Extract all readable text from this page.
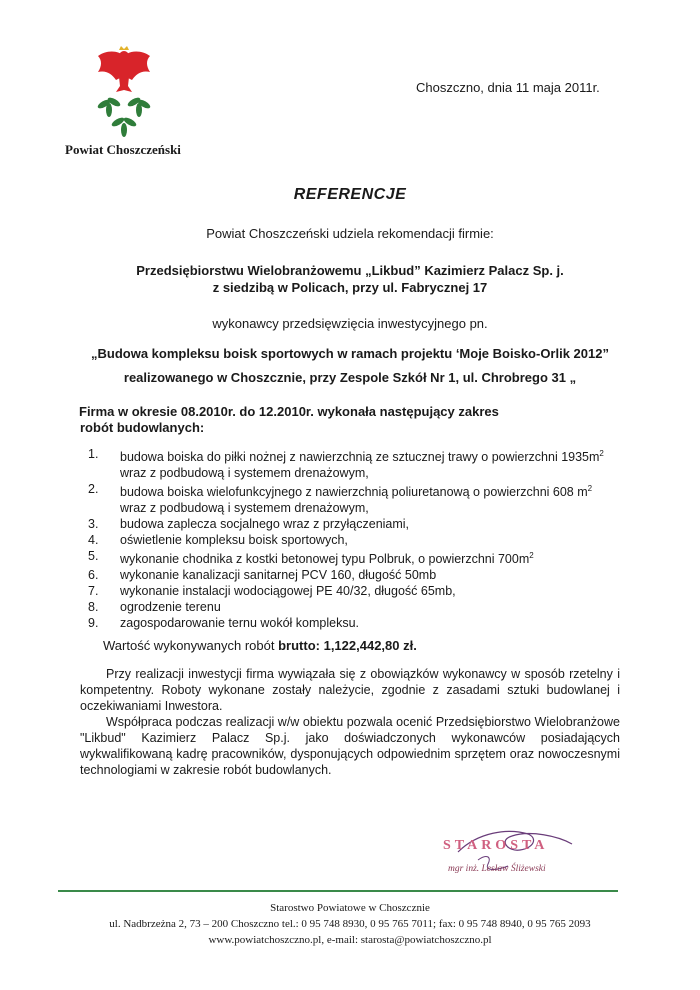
Powiat Choszczeński
Choszczno, dnia 11 maja 2011r.
REFERENCJE
Powiat Choszczeński udziela rekomendacji firmie:
Przedsiębiorstwu Wielobranżowemu „Likbud” Kazimierz Palacz Sp. j.
z siedzibą w Policach, przy ul. Fabrycznej 17
wykonawcy przedsięwzięcia inwestycyjnego pn.
„Budowa kompleksu boisk sportowych w ramach projektu ‘Moje Boisko-Orlik 2012”
realizowanego w Choszcznie, przy Zespole Szkół Nr 1, ul. Chrobrego 31 „
Firma w okresie 08.2010r. do 12.2010r. wykonała następujący zakres
robót budowlanych:
1. budowa boiska do piłki nożnej z nawierzchnią ze sztucznej trawy o powierzchni $1935m^2$
wraz z podbudową i systemem drenażowym,
2. budowa boiska wielofunkcyjnego z nawierzchnią poliuretanową o powierzchni 608 $m^2$
wraz z podbudową i systemem drenażowym,
3. budowa zaplecza socjalnego wraz z przyłączeniami,
4. oświetlenie kompleksu boisk sportowych,
5. wykonanie chodnika z kostki betonowej typu Polbruk, o powierzchni $700m^2$
6. wykonanie kanalizacji sanitarnej PCV 160, długość 50mb
7. wykonanie instalacji wodociągowej PE 40/32, długość 65mb,
8. ogrodzenie terenu
9. zagospodarowanie ternu wokół kompleksu.
Wartość wykonywanych robót brutto: 1,122,442,80 zł.

Przy realizacji inwestycji firma wywiązała się z obowiązków wykonawcy w sposób rzetelny i kompetentny. Roboty wykonane zostały należycie, zgodnie z zasadami sztuki budowlanej i oczekiwaniami Inwestora.

Współpraca podczas realizacji w/w obiektu pozwala ocenić Przedsiębiorstwo Wielobranżowe "Likbud" Kazimierz Palacz Sp.j. jako doświadczonych wykonawców posiadających wykwalifikowaną kadrę pracowników, dysponujących odpowiednim sprzętem oraz nowoczesnymi technologiami w zakresie robót budowlanych.

STAROSTA
mgr inż. Lesław Śliżewski
Starostwo Powiatowe w Choszcznie
ul. Nadbrzeżna 2, 73 – 200 Choszczno tel.: 0 95 748 8930, 0 95 765 7011; fax: 0 95 748 8940, 0 95 765 2093
www.powiatchoszczno.pl, e-mail: starosta@powiatchoszczno.pl
